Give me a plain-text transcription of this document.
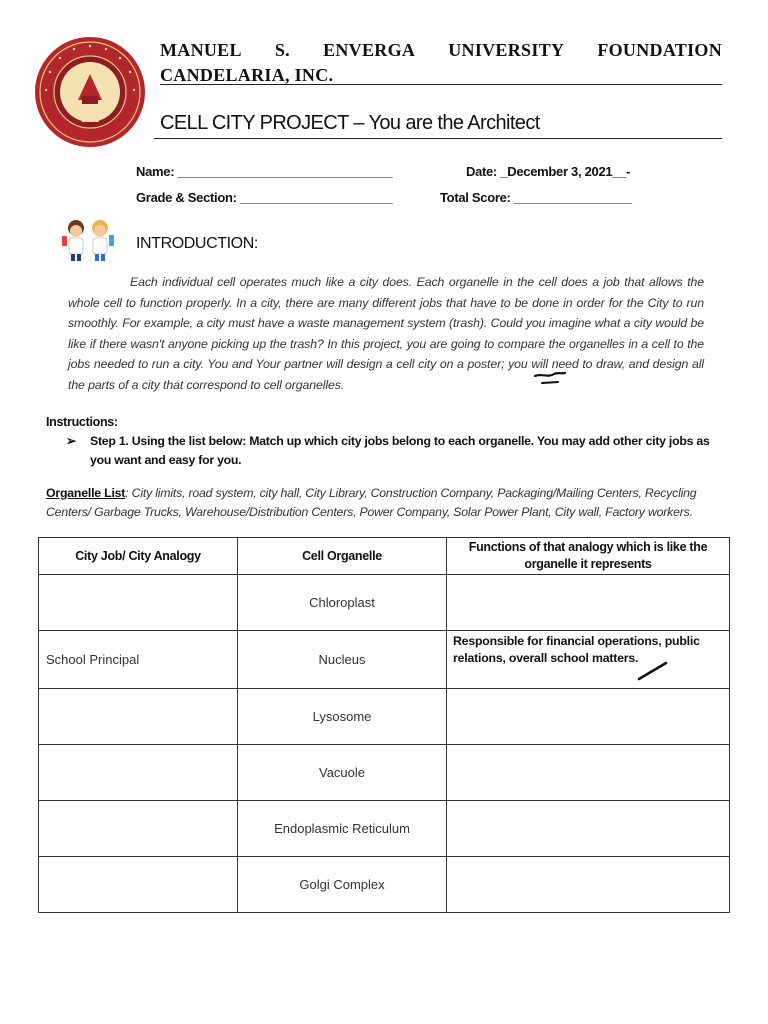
1992
MANUEL S. ENVERGA UNIVERSITY FOUNDATION
CANDELARIA, INC.
CELL CITY PROJECT – You are the Architect
Name: _______________________________	Date: _December 3, 2021__-
Grade & Section: ______________________	Total Score: _________________
INTRODUCTION:
Each individual cell operates much like a city does. Each organelle in the cell does a job that allows the whole cell to function properly. In a city, there are many different jobs that have to be done in order for the City to run smoothly. For example, a city must have a waste management system (trash). Could you imagine what a city would be like if there wasn't anyone picking up the trash? In this project, you are going to compare the organelles in a cell to the jobs needed to run a city. You and Your partner will design a cell city on a poster; you will need to draw, and design all the parts of a city that correspond to cell organelles.
Instructions:
➢ Step 1. Using the list below: Match up which city jobs belong to each organelle. You may add other city jobs as you want and easy for you.
Organelle List: City limits, road system, city hall, City Library, Construction Company, Packaging/Mailing Centers, Recycling Centers/ Garbage Trucks, Warehouse/Distribution Centers, Power Company, Solar Power Plant, City wall, Factory workers.
City Job/ City Analogy	Cell Organelle	Functions of that analogy which is like the organelle it represents
	Chloroplast	

School Principal	Nucleus	Responsible for financial operations, public relations, overall school matters.

	Lysosome	

	Vacuole	

	Endoplasmic Reticulum	

	Golgi Complex	
